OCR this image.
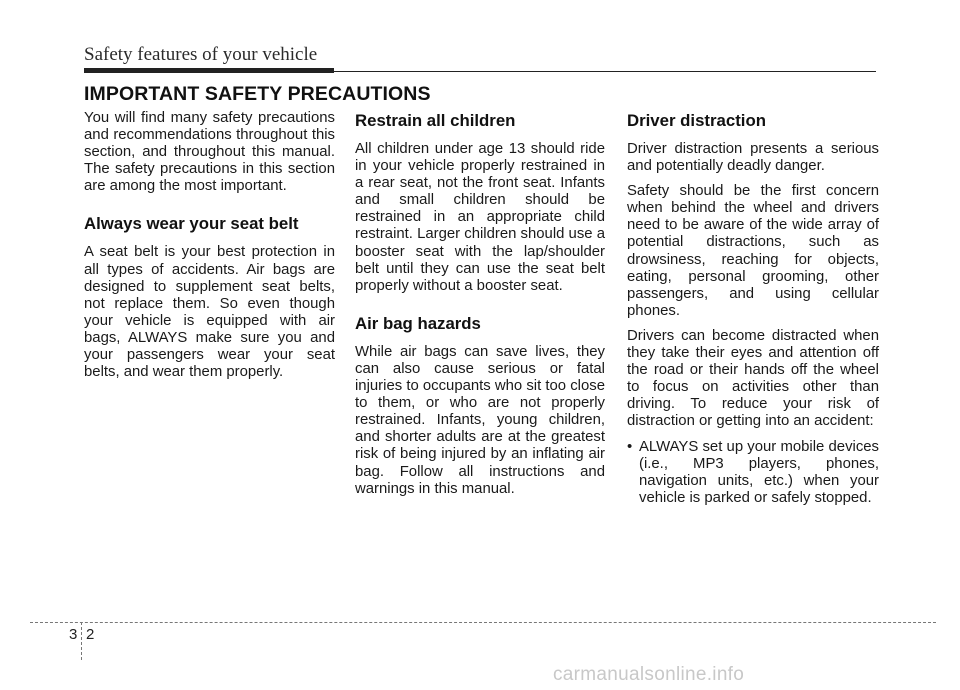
Safety features of your vehicle
IMPORTANT SAFETY PRECAUTIONS

You will find many safety precautions and recommendations throughout this section, and throughout this manual. The safety precautions in this section are among the most important.

Always wear your seat belt

A seat belt is your best protection in all types of accidents. Air bags are designed to supplement seat belts, not replace them. So even though your vehicle is equipped with air bags, ALWAYS make sure you and your passengers wear your seat belts, and wear them properly.

Restrain all children

All children under age 13 should ride in your vehicle properly restrained in a rear seat, not the front seat. Infants and small children should be restrained in an appropriate child restraint. Larger children should use a booster seat with the lap/shoulder belt until they can use the seat belt properly without a booster seat.

Air bag hazards

While air bags can save lives, they can also cause serious or fatal injuries to occupants who sit too close to them, or who are not properly restrained. Infants, young children, and shorter adults are at the greatest risk of being injured by an inflating air bag. Follow all instructions and warnings in this manual.

Driver distraction

Driver distraction presents a serious and potentially deadly danger.

Safety should be the first concern when behind the wheel and drivers need to be aware of the wide array of potential distractions, such as drowsiness, reaching for objects, eating, personal grooming, other passengers, and using cellular phones.

Drivers can become distracted when they take their eyes and attention off the road or their hands off the wheel to focus on activities other than driving. To reduce your risk of distraction or getting into an accident:

• ALWAYS set up your mobile devices (i.e., MP3 players, phones, navigation units, etc.) when your vehicle is parked or safely stopped.
3 2
carmanualsonline.info
